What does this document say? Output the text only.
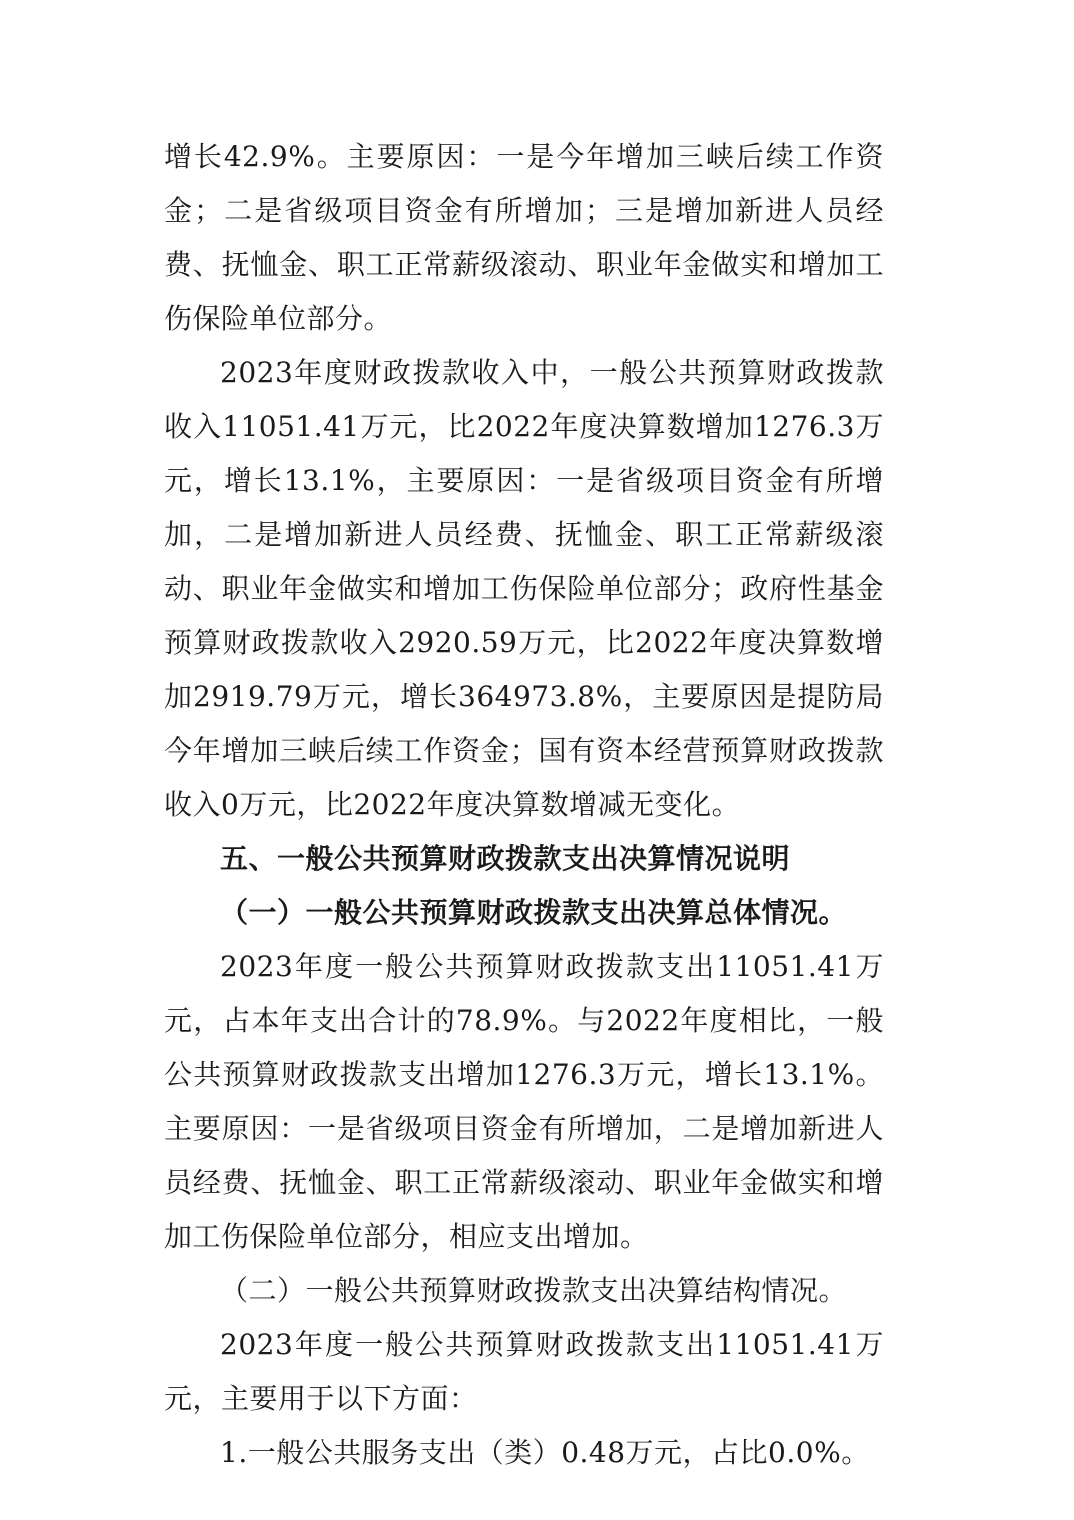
增长42.9%。主要原因：一是今年增加三峡后续工作资金；二是省级项目资金有所增加；三是增加新进人员经费、抚恤金、职工正常薪级滚动、职业年金做实和增加工伤保险单位部分。

2023年度财政拨款收入中，一般公共预算财政拨款收入11051.41万元，比2022年度决算数增加1276.3万元，增长13.1%，主要原因：一是省级项目资金有所增加，二是增加新进人员经费、抚恤金、职工正常薪级滚动、职业年金做实和增加工伤保险单位部分；政府性基金预算财政拨款收入2920.59万元，比2022年度决算数增加2919.79万元，增长364973.8%，主要原因是提防局今年增加三峡后续工作资金；国有资本经营预算财政拨款收入0万元，比2022年度决算数增减无变化。

五、一般公共预算财政拨款支出决算情况说明

（一）一般公共预算财政拨款支出决算总体情况。

2023年度一般公共预算财政拨款支出11051.41万元，占本年支出合计的78.9%。与2022年度相比，一般公共预算财政拨款支出增加1276.3万元，增长13.1%。主要原因：一是省级项目资金有所增加，二是增加新进人员经费、抚恤金、职工正常薪级滚动、职业年金做实和增加工伤保险单位部分，相应支出增加。

（二）一般公共预算财政拨款支出决算结构情况。

2023年度一般公共预算财政拨款支出11051.41万元，主要用于以下方面：

1.一般公共服务支出（类）0.48万元，占比0.0%。
